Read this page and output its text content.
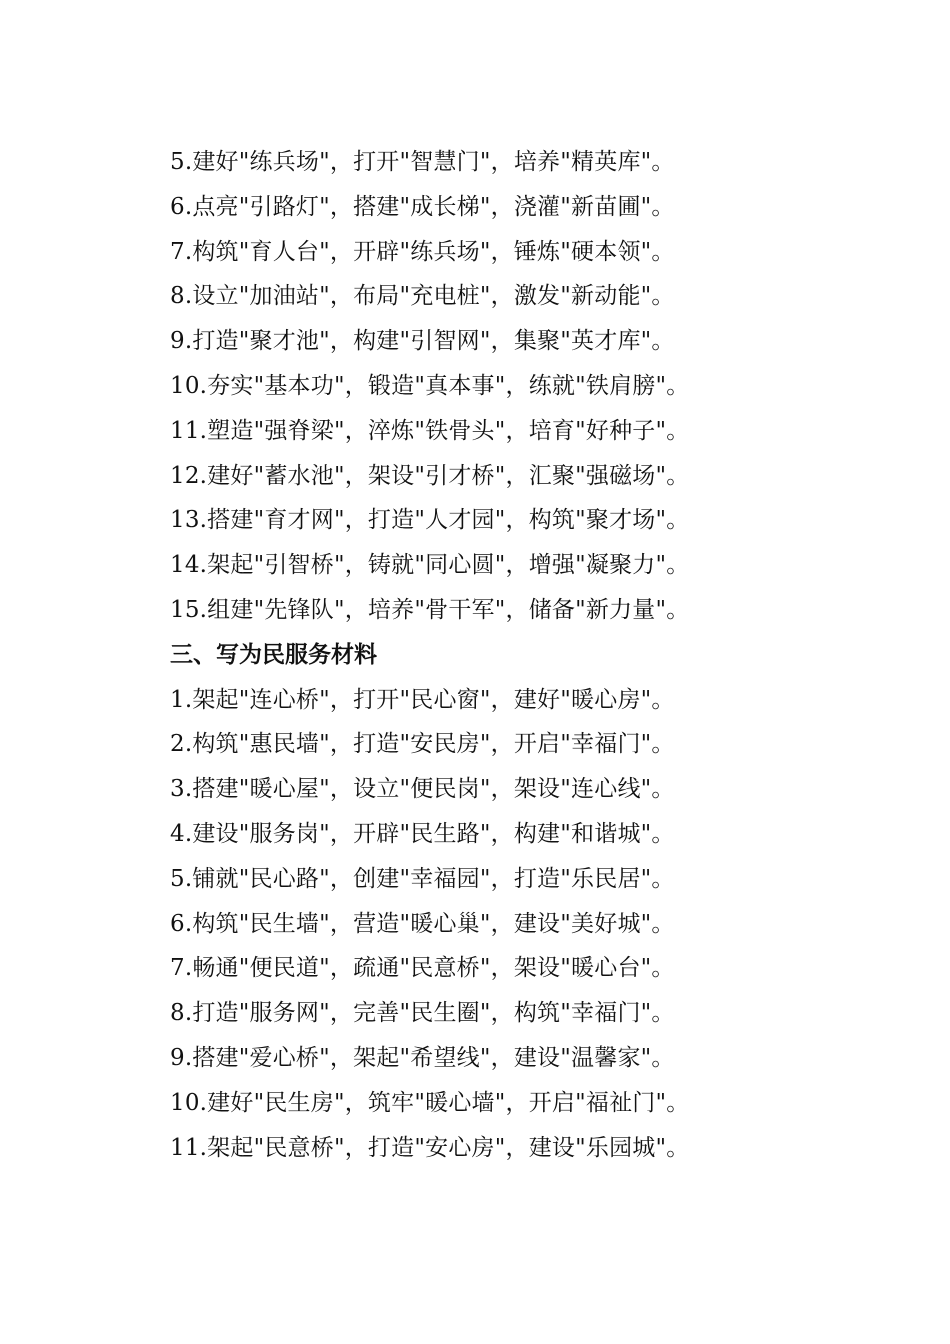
5.建好"练兵场"，打开"智慧门"，培养"精英库"。
6.点亮"引路灯"，搭建"成长梯"，浇灌"新苗圃"。
7.构筑"育人台"，开辟"练兵场"，锤炼"硬本领"。
8.设立"加油站"，布局"充电桩"，激发"新动能"。
9.打造"聚才池"，构建"引智网"，集聚"英才库"。
10.夯实"基本功"，锻造"真本事"，练就"铁肩膀"。
11.塑造"强脊梁"，淬炼"铁骨头"，培育"好种子"。
12.建好"蓄水池"，架设"引才桥"，汇聚"强磁场"。
13.搭建"育才网"，打造"人才园"，构筑"聚才场"。
14.架起"引智桥"，铸就"同心圆"，增强"凝聚力"。
15.组建"先锋队"，培养"骨干军"，储备"新力量"。
三、写为民服务材料
1.架起"连心桥"，打开"民心窗"，建好"暖心房"。
2.构筑"惠民墙"，打造"安民房"，开启"幸福门"。
3.搭建"暖心屋"，设立"便民岗"，架设"连心线"。
4.建设"服务岗"，开辟"民生路"，构建"和谐城"。
5.铺就"民心路"，创建"幸福园"，打造"乐民居"。
6.构筑"民生墙"，营造"暖心巢"，建设"美好城"。
7.畅通"便民道"，疏通"民意桥"，架设"暖心台"。
8.打造"服务网"，完善"民生圈"，构筑"幸福门"。
9.搭建"爱心桥"，架起"希望线"，建设"温馨家"。
10.建好"民生房"，筑牢"暖心墙"，开启"福祉门"。
11.架起"民意桥"，打造"安心房"，建设"乐园城"。
